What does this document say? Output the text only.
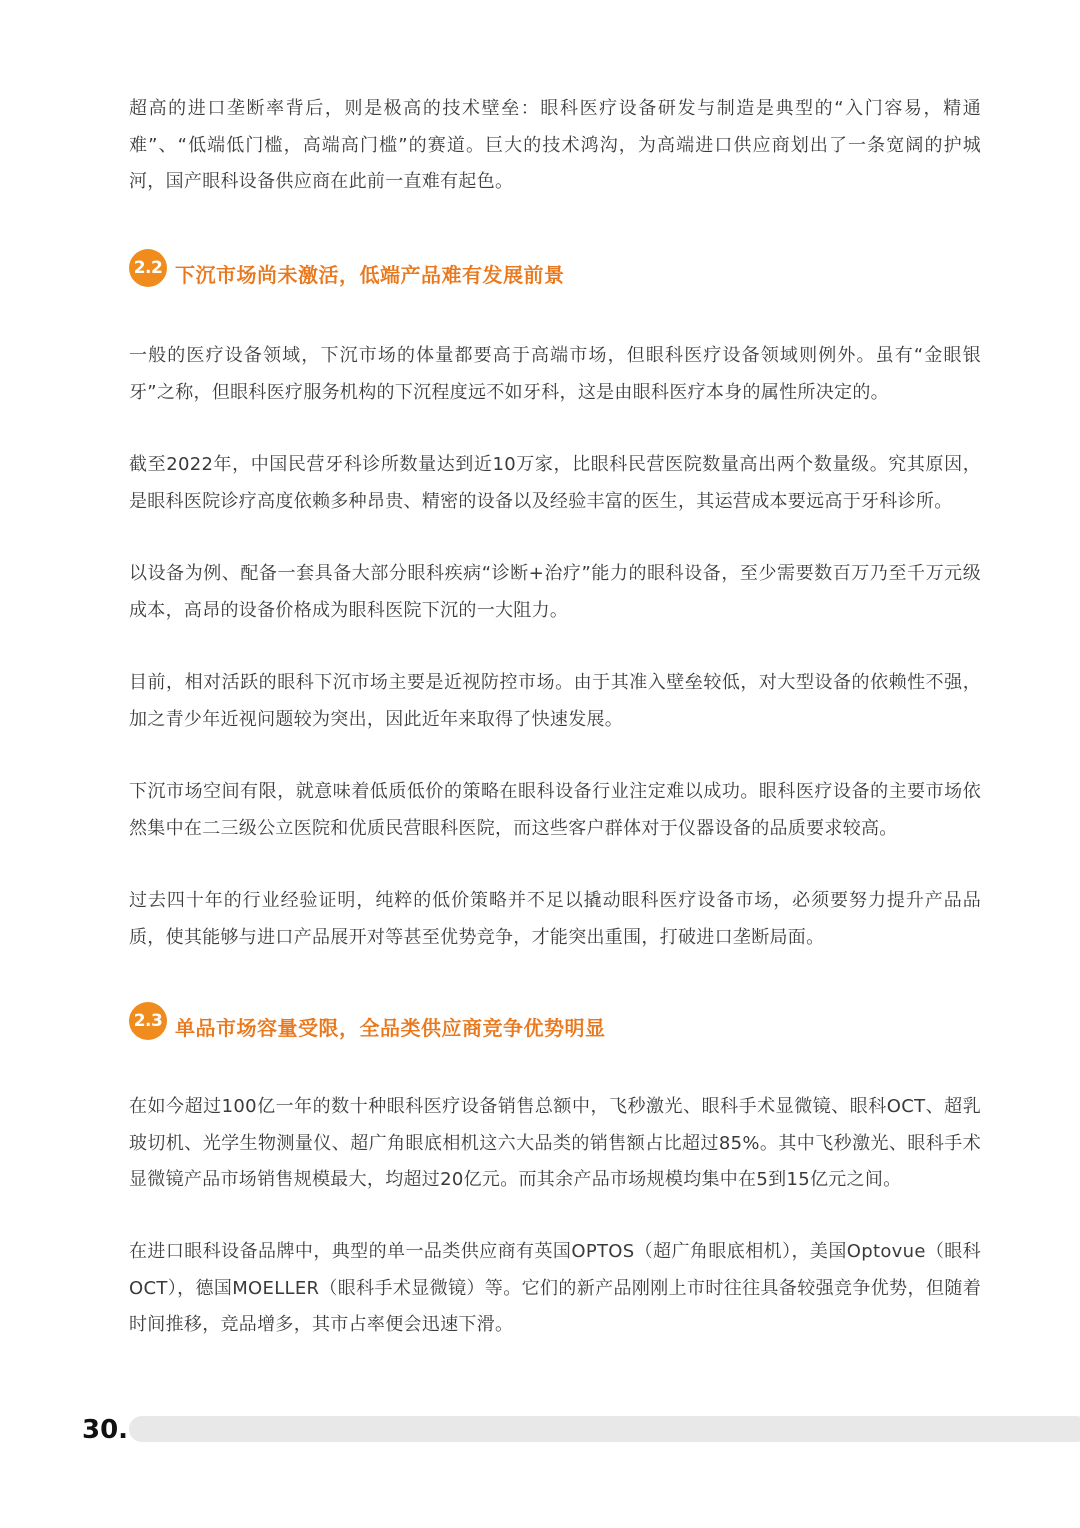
超高的进口垄断率背后，则是极高的技术壁垒：眼科医疗设备研发与制造是典型的“入门容易，精通难”、“低端低门槛，高端高门槛”的赛道。巨大的技术鸿沟，为高端进口供应商划出了一条宽阔的护城河，国产眼科设备供应商在此前一直难有起色。

2.2 下沉市场尚未激活，低端产品难有发展前景

一般的医疗设备领域，下沉市场的体量都要高于高端市场，但眼科医疗设备领域则例外。虽有“金眼银牙”之称，但眼科医疗服务机构的下沉程度远不如牙科，这是由眼科医疗本身的属性所决定的。

截至2022年，中国民营牙科诊所数量达到近10万家，比眼科民营医院数量高出两个数量级。究其原因，是眼科医院诊疗高度依赖多种昂贵、精密的设备以及经验丰富的医生，其运营成本要远高于牙科诊所。

以设备为例、配备一套具备大部分眼科疾病“诊断+治疗”能力的眼科设备，至少需要数百万乃至千万元级成本，高昂的设备价格成为眼科医院下沉的一大阻力。

目前，相对活跃的眼科下沉市场主要是近视防控市场。由于其准入壁垒较低，对大型设备的依赖性不强，加之青少年近视问题较为突出，因此近年来取得了快速发展。

下沉市场空间有限，就意味着低质低价的策略在眼科设备行业注定难以成功。眼科医疗设备的主要市场依然集中在二三级公立医院和优质民营眼科医院，而这些客户群体对于仪器设备的品质要求较高。

过去四十年的行业经验证明，纯粹的低价策略并不足以撬动眼科医疗设备市场，必须要努力提升产品品质，使其能够与进口产品展开对等甚至优势竞争，才能突出重围，打破进口垄断局面。

2.3 单品市场容量受限，全品类供应商竞争优势明显

在如今超过100亿一年的数十种眼科医疗设备销售总额中，飞秒激光、眼科手术显微镜、眼科OCT、超乳玻切机、光学生物测量仪、超广角眼底相机这六大品类的销售额占比超过85%。其中飞秒激光、眼科手术显微镜产品市场销售规模最大，均超过20亿元。而其余产品市场规模均集中在5到15亿元之间。

在进口眼科设备品牌中，典型的单一品类供应商有英国OPTOS（超广角眼底相机），美国Optovue（眼科OCT），德国MOELLER（眼科手术显微镜）等。它们的新产品刚刚上市时往往具备较强竞争优势，但随着时间推移，竞品增多，其市占率便会迅速下滑。

30.
